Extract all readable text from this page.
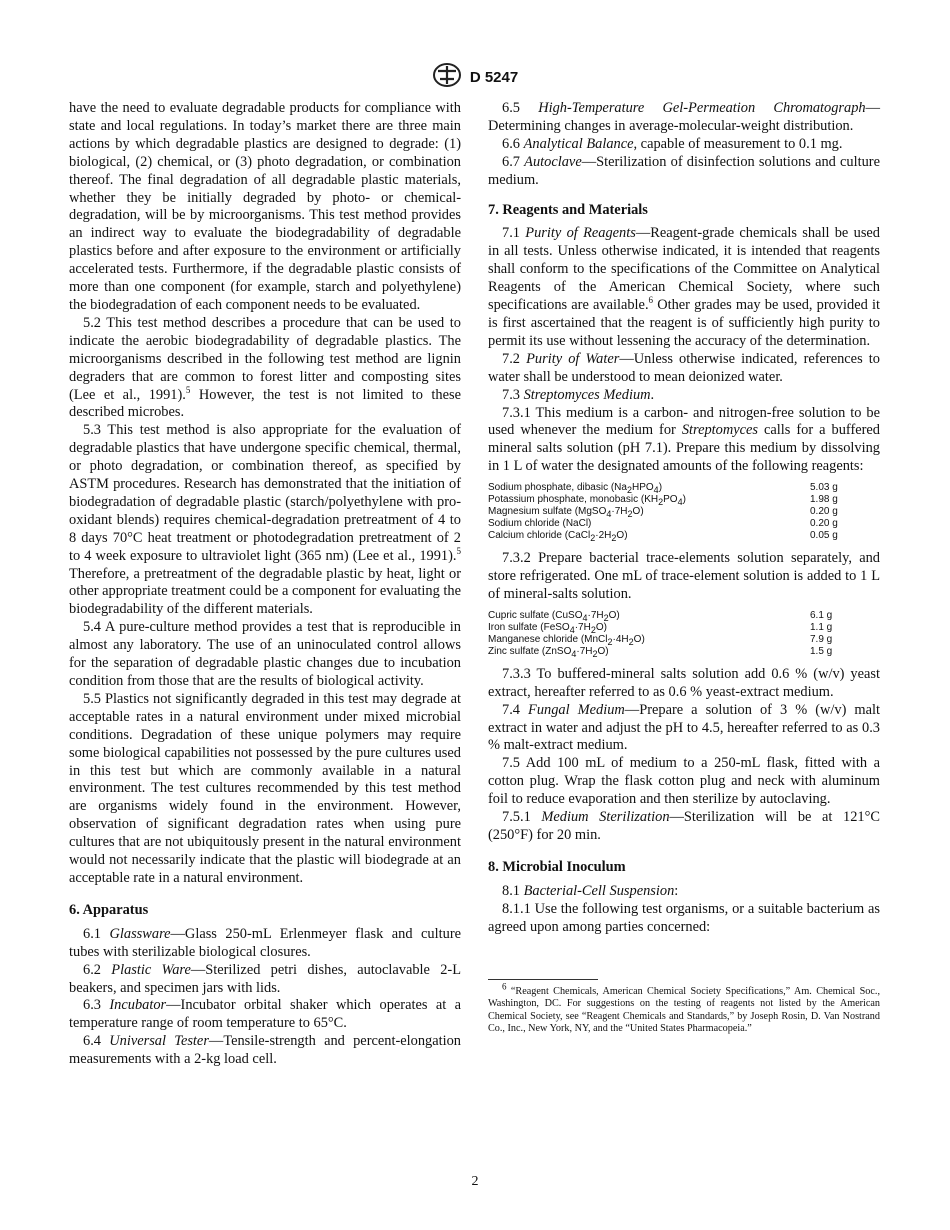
D 5247

have the need to evaluate degradable products for compliance with state and local regulations. In today’s market there are three main actions by which degradable plastics are designed to degrade: (1) biological, (2) chemical, or (3) photo degradation, or combination thereof. The final degradation of all degradable plastic materials, whether they be initially degraded by photo- or chemical-degradation, will be by microorganisms. This test method provides an indirect way to evaluate the biodegradability of degradable plastics before and after exposure to the environment or artificially accelerated tests. Furthermore, if the degradable plastic consists of more than one component (for example, starch and polyethylene) the biodegradation of each component needs to be evaluated.

5.2 This test method describes a procedure that can be used to indicate the aerobic biodegradability of degradable plastics. The microorganisms described in the following test method are lignin degraders that are common to forest litter and composting sites (Lee et al., 1991).$^5$ However, the test is not limited to these described microbes.

5.3 This test method is also appropriate for the evaluation of degradable plastics that have undergone specific chemical, thermal, or photo degradation, or combination thereof, as specified by ASTM procedures. Research has demonstrated that the initiation of biodegradation of degradable plastic (starch/polyethylene with pro-oxidant blends) requires chemical-degradation pretreatment of 4 to 8 days 70°C heat treatment or photodegradation pretreatment of 2 to 4 week exposure to ultraviolet light (365 nm) (Lee et al., 1991).$^5$ Therefore, a pretreatment of the degradable plastic by heat, light or other appropriate treatment could be a component for evaluating the biodegradability of the different materials.

5.4 A pure-culture method provides a test that is reproducible in almost any laboratory. The use of an uninoculated control allows for the separation of degradable plastic changes due to incubation condition from those that are the results of biological activity.

5.5 Plastics not significantly degraded in this test may degrade at acceptable rates in a natural environment under mixed microbial conditions. Degradation of these unique polymers may require some biological capabilities not possessed by the pure cultures used in this test but which are commonly available in a natural environment. The test cultures recommended by this test method are organisms widely found in the environment. However, observation of significant degradation rates when using pure cultures that are not ubiquitously present in the natural environment would not necessarily indicate that the plastic will biodegrade at an acceptable rate in a natural environment.

6. Apparatus

6.1 Glassware—Glass 250-mL Erlenmeyer flask and culture tubes with sterilizable biological closures.

6.2 Plastic Ware—Sterilized petri dishes, autoclavable 2-L beakers, and specimen jars with lids.

6.3 Incubator—Incubator orbital shaker which operates at a temperature range of room temperature to 65°C.

6.4 Universal Tester—Tensile-strength and percent-elongation measurements with a 2-kg load cell.

6.5 High-Temperature Gel-Permeation Chromatograph—Determining changes in average-molecular-weight distribution.

6.6 Analytical Balance, capable of measurement to 0.1 mg.

6.7 Autoclave—Sterilization of disinfection solutions and culture medium.

7. Reagents and Materials

7.1 Purity of Reagents—Reagent-grade chemicals shall be used in all tests. Unless otherwise indicated, it is intended that reagents shall conform to the specifications of the Committee on Analytical Reagents of the American Chemical Society, where such specifications are available.$^6$ Other grades may be used, provided it is first ascertained that the reagent is of sufficiently high purity to permit its use without lessening the accuracy of the determination.

7.2 Purity of Water—Unless otherwise indicated, references to water shall be understood to mean deionized water.

7.3 Streptomyces Medium.

7.3.1 This medium is a carbon- and nitrogen-free solution to be used whenever the medium for Streptomyces calls for a buffered mineral salts solution (pH 7.1). Prepare this medium by dissolving in 1 L of water the designated amounts of the following reagents:

Sodium phosphate, dibasic $(Na_2HPO_4)$	5.03 g
Potassium phosphate, monobasic $(KH_2PO_4)$	1.98 g
Magnesium sulfate $(MgSO_4\cdot 7H_2O)$	0.20 g
Sodium chloride (NaCl)	0.20 g
Calcium chloride $(CaCl_2\cdot 2H_2O)$	0.05 g

7.3.2 Prepare bacterial trace-elements solution separately, and store refrigerated. One mL of trace-element solution is added to 1 L of mineral-salts solution.

Cupric sulfate $(CuSO_4\cdot 7H_2O)$	6.1 g
Iron sulfate $(FeSO_4\cdot 7H_2O)$	1.1 g
Manganese chloride $(MnCl_2\cdot 4H_2O)$	7.9 g
Zinc sulfate $(ZnSO_4\cdot 7H_2O)$	1.5 g

7.3.3 To buffered-mineral salts solution add 0.6 % (w/v) yeast extract, hereafter referred to as 0.6 % yeast-extract medium.

7.4 Fungal Medium—Prepare a solution of 3 % (w/v) malt extract in water and adjust the pH to 4.5, hereafter referred to as 0.3 % malt-extract medium.

7.5 Add 100 mL of medium to a 250-mL flask, fitted with a cotton plug. Wrap the flask cotton plug and neck with aluminum foil to reduce evaporation and then sterilize by autoclaving.

7.5.1 Medium Sterilization—Sterilization will be at 121°C (250°F) for 20 min.

8. Microbial Inoculum

8.1 Bacterial-Cell Suspension:

8.1.1 Use the following test organisms, or a suitable bacterium as agreed upon among parties concerned:

$^6$ “Reagent Chemicals, American Chemical Society Specifications,” Am. Chemical Soc., Washington, DC. For suggestions on the testing of reagents not listed by the American Chemical Society, see “Reagent Chemicals and Standards,” by Joseph Rosin, D. Van Nostrand Co., Inc., New York, NY, and the “United States Pharmacopeia.”
2
